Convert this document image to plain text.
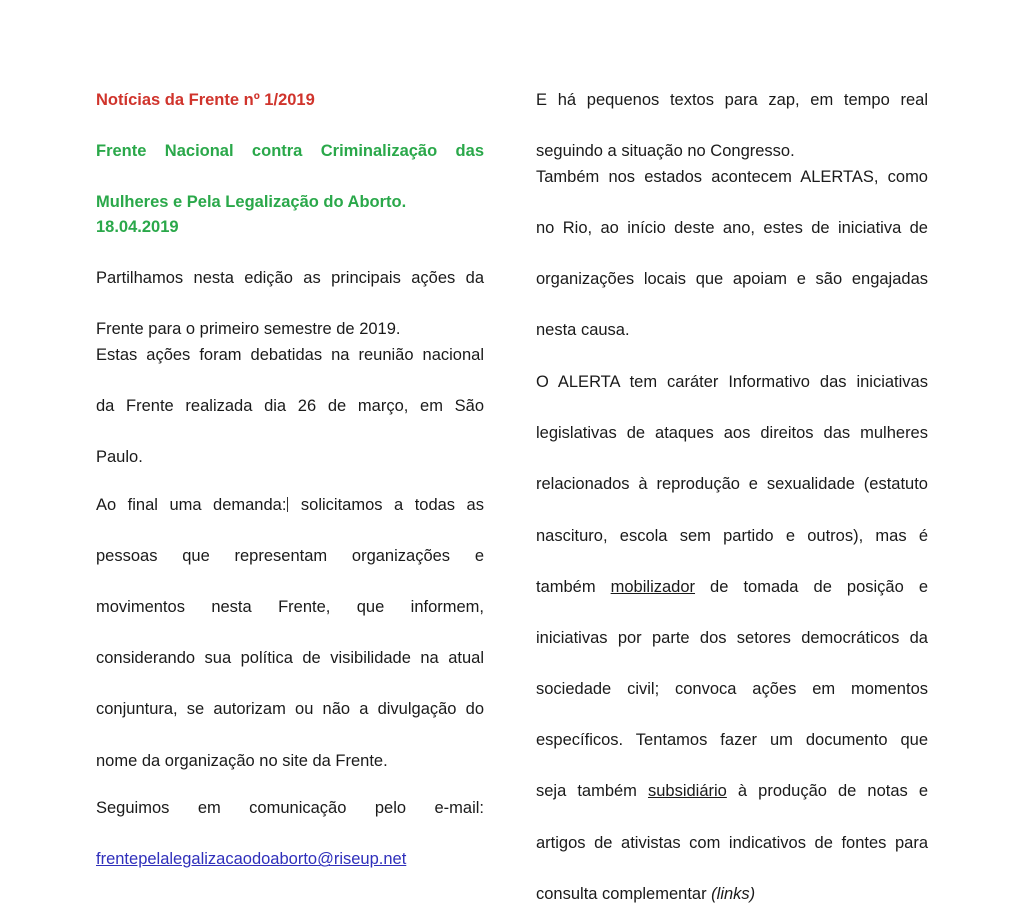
Notícias da Frente nº 1/2019
Frente Nacional contra Criminalização das
Mulheres e Pela Legalização do Aborto. 18.04.2019

Partilhamos nesta edição as principais ações da
Frente para o primeiro semestre de 2019.

Estas ações foram debatidas na reunião nacional
da Frente realizada dia 26 de março, em São
Paulo.

Ao final uma demanda: solicitamos a todas as
pessoas que representam organizações e
movimentos nesta Frente, que informem,
considerando sua política de visibilidade na atual
conjuntura, se autorizam ou não a divulgação do
nome da organização no site da Frente.

Seguimos em comunicação pelo e-mail:
frentepelalegalizacaodoaborto@riseup.net

E há pequenos textos para zap, em tempo real
seguindo a situação no Congresso.

Também nos estados acontecem ALERTAS, como
no Rio, ao início deste ano, estes de iniciativa de
organizações locais que apoiam e são engajadas
nesta causa.

O ALERTA tem caráter Informativo das iniciativas
legislativas de ataques aos direitos das mulheres
relacionados à reprodução e sexualidade (estatuto
nascituro, escola sem partido e outros), mas é
também mobilizador de tomada de posição e
iniciativas por parte dos setores democráticos da
sociedade civil; convoca ações em momentos
específicos. Tentamos fazer um documento que
seja também subsidiário à produção de notas e
artigos de ativistas com indicativos de fontes para
consulta complementar (links)
